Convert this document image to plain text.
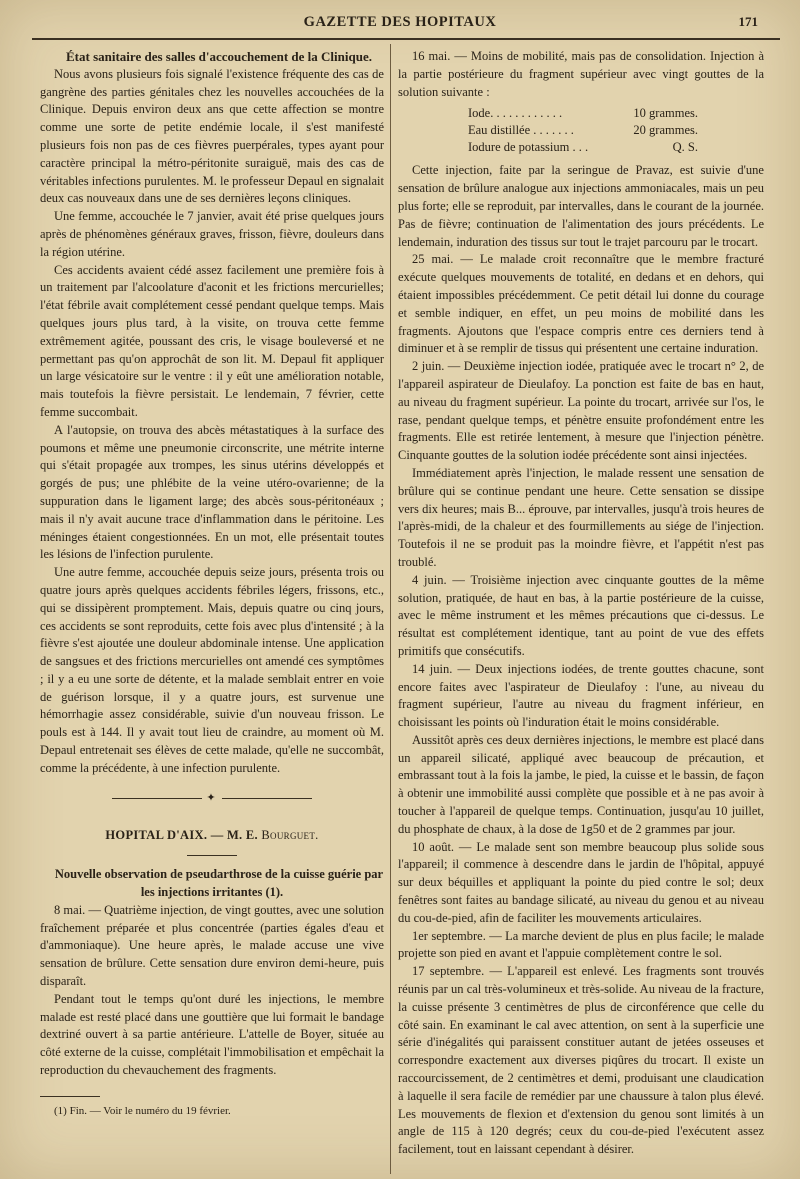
GAZETTE DES HOPITAUX	171

État sanitaire des salles d'accouchement de la Clinique.

Nous avons plusieurs fois signalé l'existence fréquente des cas de gangrène des parties génitales chez les nouvelles accouchées de la Clinique. Depuis environ deux ans que cette affection se montre comme une sorte de petite endémie locale, il s'est manifesté plusieurs fois non pas de ces fièvres puerpérales, types ayant pour caractère principal la métro-péritonite suraiguë, mais des cas de véritables infections purulentes. M. le professeur Depaul en signalait deux cas nouveaux dans une de ses dernières leçons cliniques.

Une femme, accouchée le 7 janvier, avait été prise quelques jours après de phénomènes généraux graves, frisson, fièvre, douleurs dans la région utérine.

Ces accidents avaient cédé assez facilement une première fois à un traitement par l'alcoolature d'aconit et les frictions mercurielles; l'état fébrile avait complétement cessé pendant quelque temps. Mais quelques jours plus tard, à la visite, on trouva cette femme extrêmement agitée, poussant des cris, le visage bouleversé et ne permettant pas qu'on approchât de son lit. M. Depaul fit appliquer un large vésicatoire sur le ventre : il y eût une amélioration notable, mais toutefois la fièvre persistait. Le lendemain, 7 février, cette femme succombait.

A l'autopsie, on trouva des abcès métastatiques à la surface des poumons et même une pneumonie circonscrite, une métrite interne qui s'était propagée aux trompes, les sinus utérins développés et gorgés de pus; une phlébite de la veine utéro-ovarienne; de la suppuration dans le ligament large; des abcès sous-péritonéaux ; mais il n'y avait aucune trace d'inflammation dans le péritoine. Les méninges étaient congestionnées. En un mot, elle présentait toutes les lésions de l'infection purulente.

Une autre femme, accouchée depuis seize jours, présenta trois ou quatre jours après quelques accidents fébriles légers, frissons, etc., qui se dissipèrent promptement. Mais, depuis quatre ou cinq jours, ces accidents se sont reproduits, cette fois avec plus d'intensité ; à la fièvre s'est ajoutée une douleur abdominale intense. Une application de sangsues et des frictions mercurielles ont amendé ces symptômes ; il y a eu une sorte de détente, et la malade semblait entrer en voie de guérison lorsque, il y a quatre jours, est survenue une hémorrhagie assez considérable, suivie d'un nouveau frisson. Le pouls est à 144. Il y avait tout lieu de craindre, au moment où M. Depaul entretenait ses élèves de cette malade, qu'elle ne succombât, comme la précédente, à une infection purulente.

✦
HOPITAL D'AIX. — M. E. Bourguet.

Nouvelle observation de pseudarthrose de la cuisse guérie par les injections irritantes (1).

8 mai. — Quatrième injection, de vingt gouttes, avec une solution fraîchement préparée et plus concentrée (parties égales d'eau et d'ammoniaque). Une heure après, le malade accuse une vive sensation de brûlure. Cette sensation dure environ demi-heure, puis disparaît.

Pendant tout le temps qu'ont duré les injections, le membre malade est resté placé dans une gouttière que lui formait le bandage dextriné ouvert à sa partie antérieure. L'attelle de Boyer, située au côté externe de la cuisse, complétait l'immobilisation et empêchait la reproduction du chevauchement des fragments.

(1) Fin. — Voir le numéro du 19 février.

16 mai. — Moins de mobilité, mais pas de consolidation. Injection à la partie postérieure du fragment supérieur avec vingt gouttes de la solution suivante :

Iode. . . . . . . . . . . .	10 grammes.
Eau distillée . . . . . . .	20 grammes.
Iodure de potassium . . .	Q. S.

Cette injection, faite par la seringue de Pravaz, est suivie d'une sensation de brûlure analogue aux injections ammoniacales, mais un peu plus forte; elle se reproduit, par intervalles, dans le courant de la journée. Pas de fièvre; continuation de l'alimentation des jours précédents. Le lendemain, induration des tissus sur tout le trajet parcouru par le trocart.

25 mai. — Le malade croit reconnaître que le membre fracturé exécute quelques mouvements de totalité, en dedans et en dehors, qui étaient impossibles précédemment. Ce petit détail lui donne du courage et semble indiquer, en effet, un peu moins de mobilité dans les fragments. Ajoutons que l'espace compris entre ces derniers tend à diminuer et à se remplir de tissus qui présentent une certaine induration.

2 juin. — Deuxième injection iodée, pratiquée avec le trocart n° 2, de l'appareil aspirateur de Dieulafoy. La ponction est faite de bas en haut, au niveau du fragment supérieur. La pointe du trocart, arrivée sur l'os, le rase, pendant quelque temps, et pénètre ensuite profondément entre les fragments. Elle est retirée lentement, à mesure que l'injection pénètre. Cinquante gouttes de la solution iodée précédente sont ainsi injectées.

Immédiatement après l'injection, le malade ressent une sensation de brûlure qui se continue pendant une heure. Cette sensation se dissipe vers dix heures; mais B... éprouve, par intervalles, jusqu'à trois heures de l'après-midi, de la chaleur et des fourmillements au siége de l'injection. Toutefois il ne se produit pas la moindre fièvre, et l'appétit n'est pas troublé.

4 juin. — Troisième injection avec cinquante gouttes de la même solution, pratiquée, de haut en bas, à la partie postérieure de la cuisse, avec le même instrument et les mêmes précautions que ci-dessus. Le résultat est complétement identique, tant au point de vue des effets primitifs que consécutifs.

14 juin. — Deux injections iodées, de trente gouttes chacune, sont encore faites avec l'aspirateur de Dieulafoy : l'une, au niveau du fragment supérieur, l'autre au niveau du fragment inférieur, en choisissant les points où l'induration était le moins considérable.

Aussitôt après ces deux dernières injections, le membre est placé dans un appareil silicaté, appliqué avec beaucoup de précaution, et embrassant tout à la fois la jambe, le pied, la cuisse et le bassin, de façon à obtenir une immobilité aussi complète que possible et à ne pas avoir à toucher à l'appareil de quelque temps. Continuation, jusqu'au 10 juillet, du phosphate de chaux, à la dose de 1g50 et de 2 grammes par jour.

10 août. — Le malade sent son membre beaucoup plus solide sous l'appareil; il commence à descendre dans le jardin de l'hôpital, appuyé sur deux béquilles et appliquant la pointe du pied contre le sol; deux fenêtres sont faites au bandage silicaté, au niveau du genou et au niveau du cou-de-pied, afin de faciliter les mouvements articulaires.

1er septembre. — La marche devient de plus en plus facile; le malade projette son pied en avant et l'appuie complètement contre le sol.

17 septembre. — L'appareil est enlevé. Les fragments sont trouvés réunis par un cal très-volumineux et très-solide. Au niveau de la fracture, la cuisse présente 3 centimètres de plus de circonférence que celle du côté sain. En examinant le cal avec attention, on sent à la superficie une série d'inégalités qui paraissent constituer autant de jetées osseuses et correspondre exactement aux diverses piqûres du trocart. Il existe un raccourcissement, de 2 centimètres et demi, produisant une claudication à laquelle il sera facile de remédier par une chaussure à talon plus élevé. Les mouvements de flexion et d'extension du genou sont limités à un angle de 115 à 120 degrés; ceux du cou-de-pied l'exécutent assez facilement, tout en laissant cependant à désirer.
